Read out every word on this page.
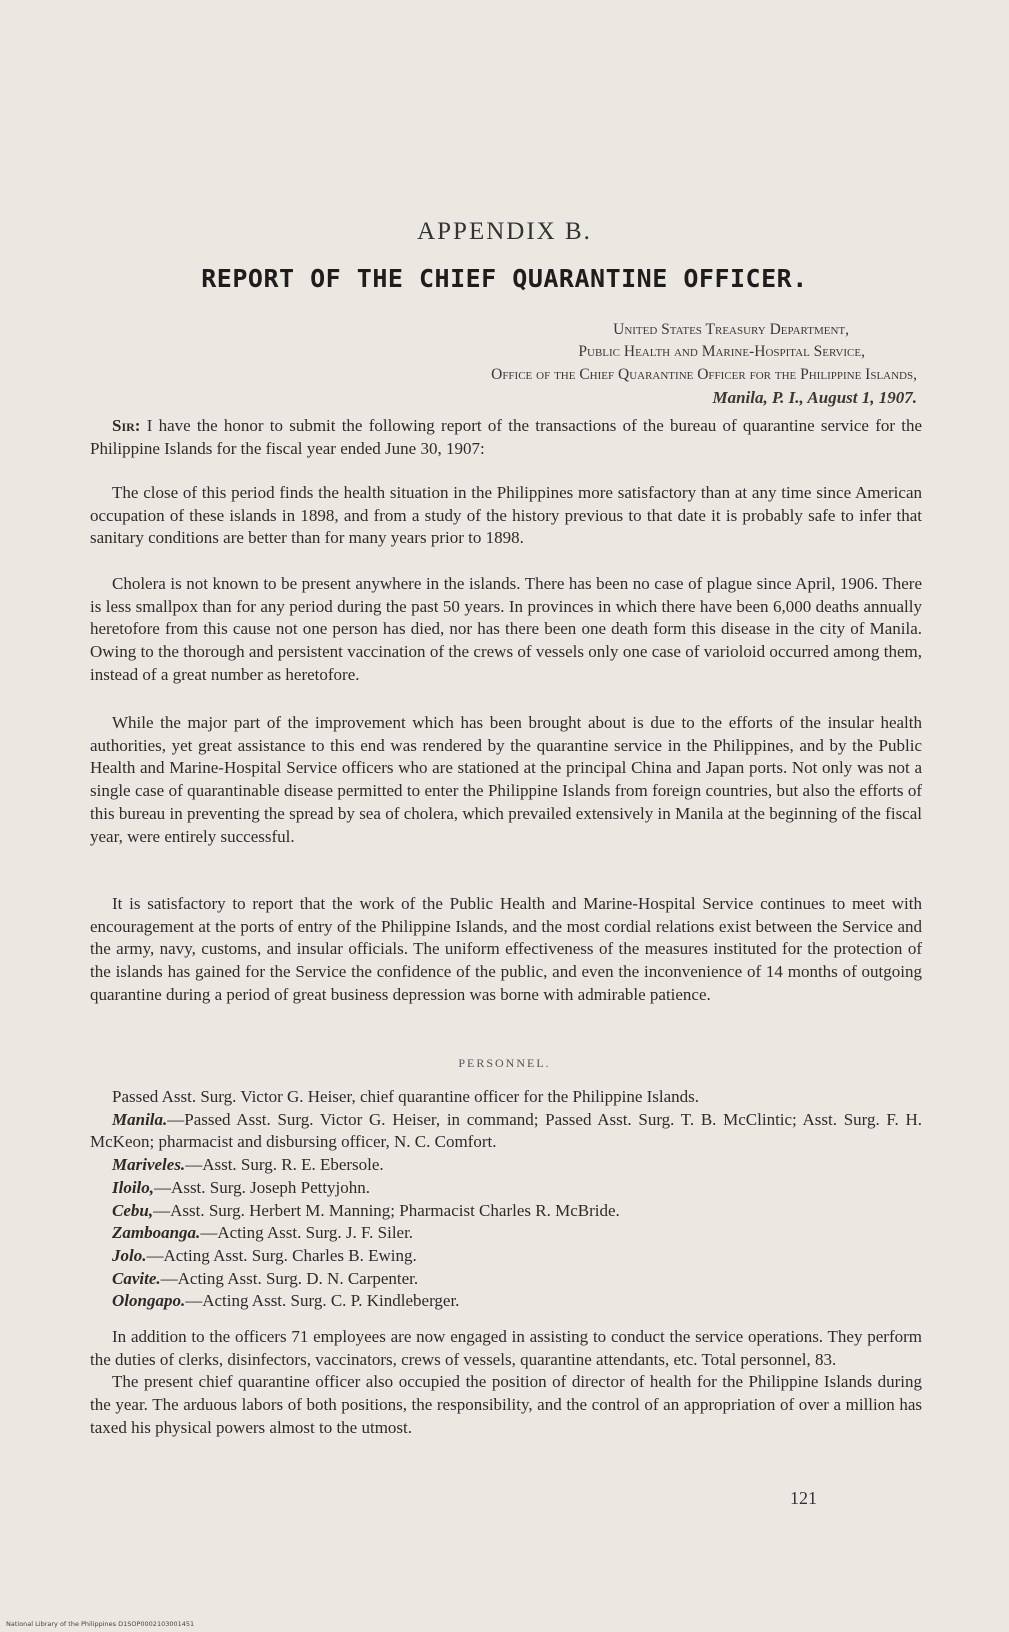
APPENDIX B.
REPORT OF THE CHIEF QUARANTINE OFFICER.
United States Treasury Department,
Public Health and Marine-Hospital Service,
Office of the Chief Quarantine Officer for the Philippine Islands,
Manila, P. I., August 1, 1907.

Sir: I have the honor to submit the following report of the transactions of the bureau of quarantine service for the Philippine Islands for the fiscal year ended June 30, 1907:

The close of this period finds the health situation in the Philippines more satisfactory than at any time since American occupation of these islands in 1898, and from a study of the history previous to that date it is probably safe to infer that sanitary conditions are better than for many years prior to 1898.

Cholera is not known to be present anywhere in the islands. There has been no case of plague since April, 1906. There is less smallpox than for any period during the past 50 years. In provinces in which there have been 6,000 deaths annually heretofore from this cause not one person has died, nor has there been one death form this disease in the city of Manila. Owing to the thorough and persistent vaccination of the crews of vessels only one case of varioloid occurred among them, instead of a great number as heretofore.

While the major part of the improvement which has been brought about is due to the efforts of the insular health authorities, yet great assistance to this end was rendered by the quarantine service in the Philippines, and by the Public Health and Marine-Hospital Service officers who are stationed at the principal China and Japan ports. Not only was not a single case of quarantinable disease permitted to enter the Philippine Islands from foreign countries, but also the efforts of this bureau in preventing the spread by sea of cholera, which prevailed extensively in Manila at the beginning of the fiscal year, were entirely successful.

It is satisfactory to report that the work of the Public Health and Marine-Hospital Service continues to meet with encouragement at the ports of entry of the Philippine Islands, and the most cordial relations exist between the Service and the army, navy, customs, and insular officials. The uniform effectiveness of the measures instituted for the protection of the islands has gained for the Service the confidence of the public, and even the inconvenience of 14 months of outgoing quarantine during a period of great business depression was borne with admirable patience.

PERSONNEL.

Passed Asst. Surg. Victor G. Heiser, chief quarantine officer for the Philippine Islands.

Manila.—Passed Asst. Surg. Victor G. Heiser, in command; Passed Asst. Surg. T. B. McClintic; Asst. Surg. F. H. McKeon; pharmacist and disbursing officer, N. C. Comfort.

Mariveles.—Asst. Surg. R. E. Ebersole.

Iloilo,—Asst. Surg. Joseph Pettyjohn.

Cebu,—Asst. Surg. Herbert M. Manning; Pharmacist Charles R. McBride.

Zamboanga.—Acting Asst. Surg. J. F. Siler.

Jolo.—Acting Asst. Surg. Charles B. Ewing.

Cavite.—Acting Asst. Surg. D. N. Carpenter.

Olongapo.—Acting Asst. Surg. C. P. Kindleberger.

In addition to the officers 71 employees are now engaged in assisting to conduct the service operations. They perform the duties of clerks, disinfectors, vaccinators, crews of vessels, quarantine attendants, etc. Total personnel, 83.

The present chief quarantine officer also occupied the position of director of health for the Philippine Islands during the year. The arduous labors of both positions, the responsibility, and the control of an appropriation of over a million has taxed his physical powers almost to the utmost.

121
National Library of the Philippines D1SOP0002103001451
